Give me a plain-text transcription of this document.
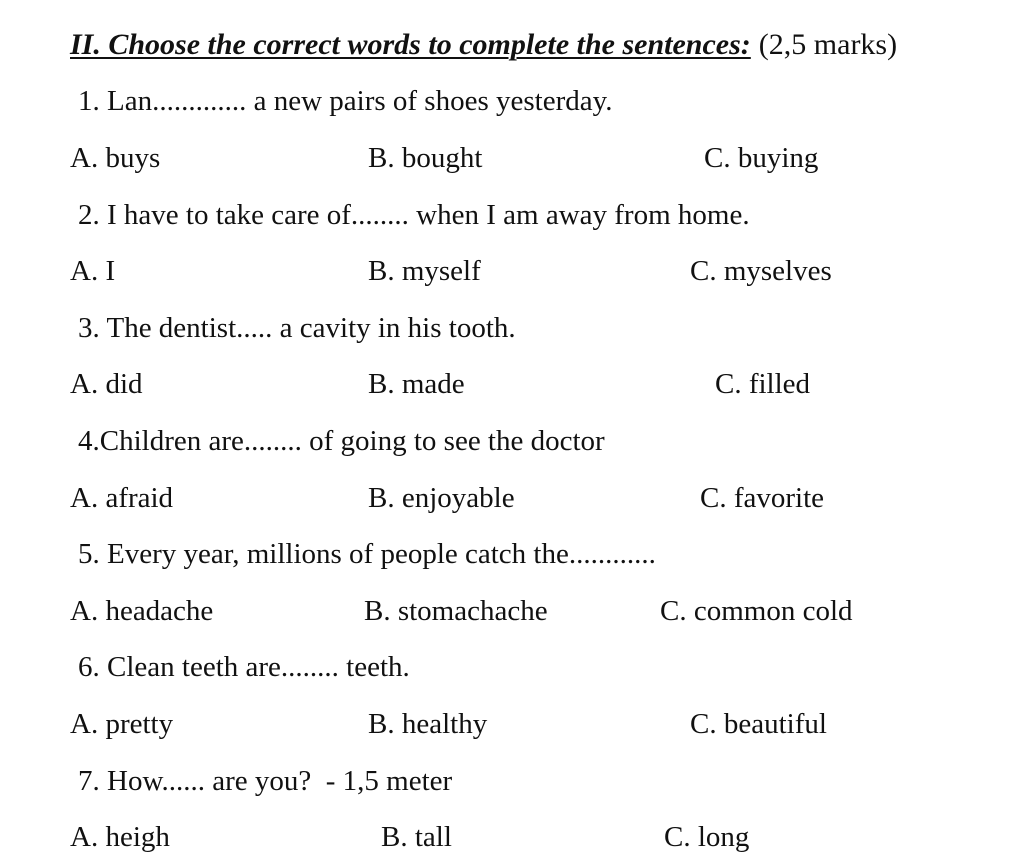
II. Choose the correct words to complete the sentences: (2,5 marks)
1. Lan............. a new pairs of shoes yesterday.
A. buys	B. bought	C. buying
2. I have to take care of........ when I am away from home.
A. I	B. myself	C. myselves
3. The dentist..... a cavity in his tooth.
A. did	B. made	C. filled
4.Children are........ of going to see the doctor
A. afraid	B. enjoyable	C. favorite
5. Every year, millions of people catch the............
A. headache	B. stomachache	C. common cold
6. Clean teeth are........ teeth.
A. pretty	B. healthy	C. beautiful
7. How...... are you?  - 1,5 meter
A. heigh	B. tall	C. long
